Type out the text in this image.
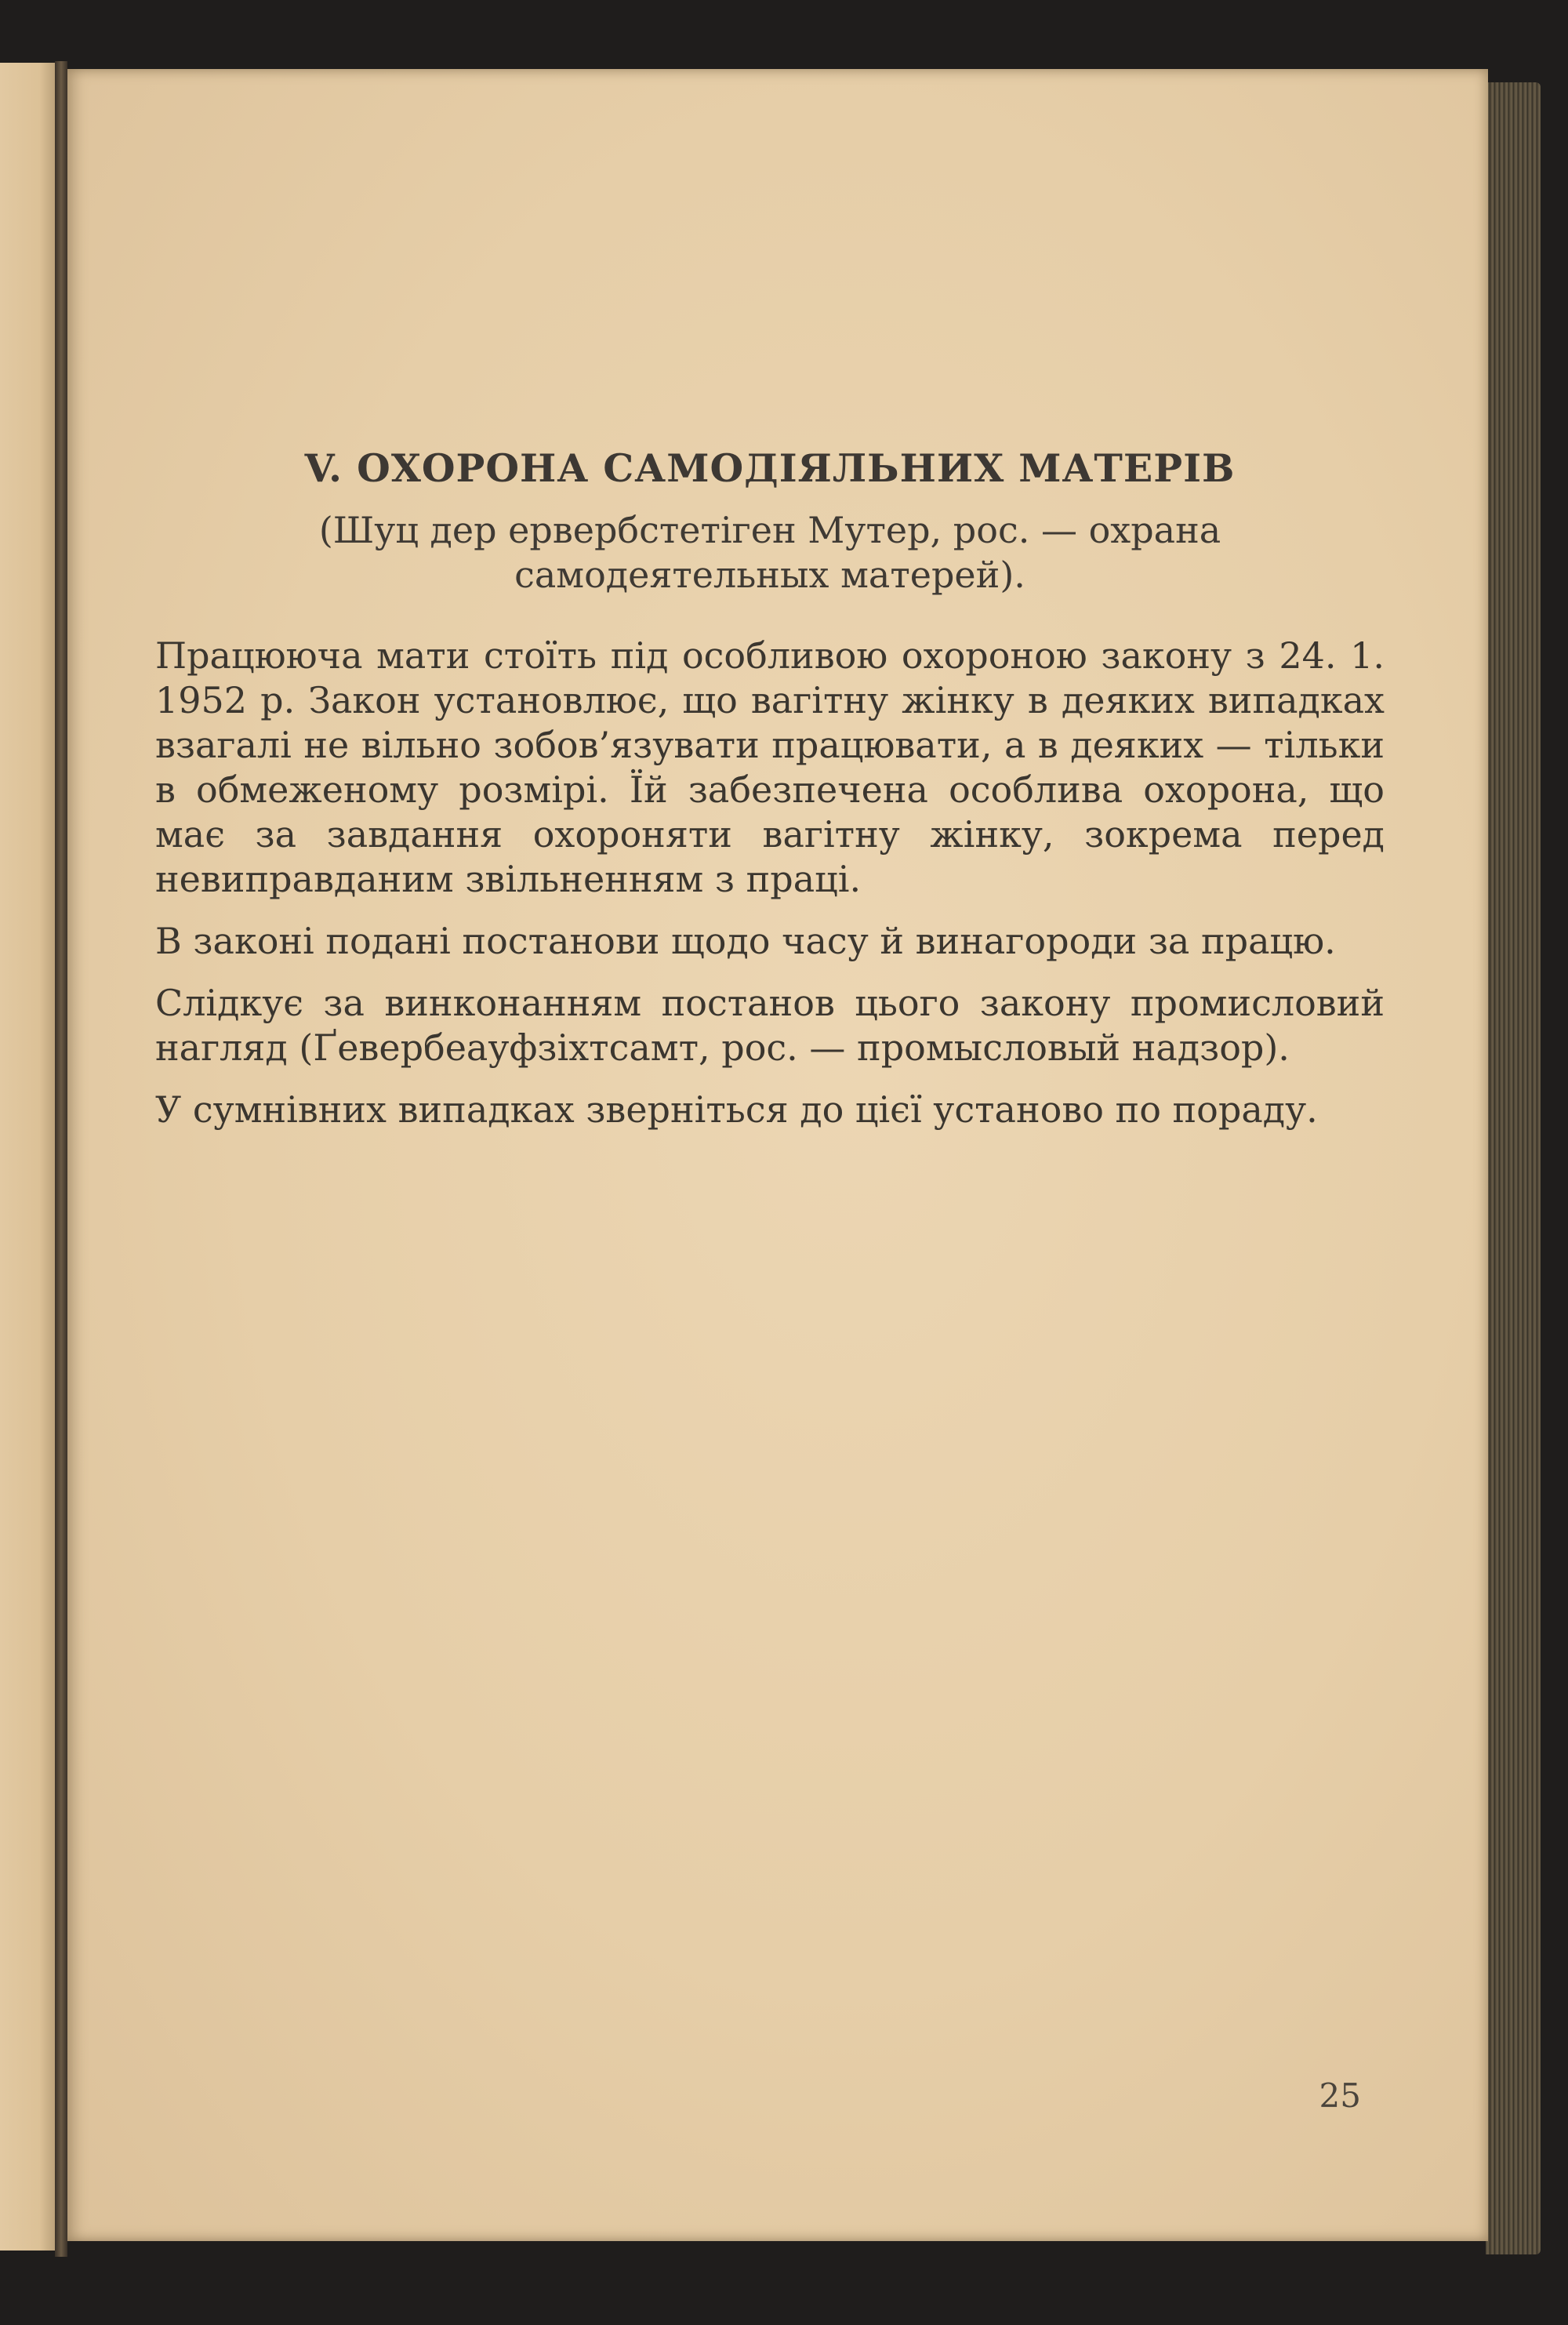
V. ОХОРОНА САМОДІЯЛЬНИХ МАТЕРІВ

(Шуц дер ервербстетіген Мутер, рос. — охрана самодеятельных матерей).

Працююча мати стоїть під особливою охороною закону з 24. 1. 1952 р. Закон установлює, що вагітну жінку в деяких випадках взагалі не вільно зобов’язувати працювати, а в деяких — тільки в обмеженому розмірі. Їй забезпечена особлива охорона, що має за завдання охороняти вагітну жінку, зокрема перед невиправданим звільненням з праці.

В законі подані постанови щодо часу й винагороди за працю.

Слідкує за винконанням постанов цього закону промисловий нагляд (Ґевербеауфзіхтсамт, рос. — промысловый надзор).

У сумнівних випадках зверніться до цієї установо по пораду.

25
